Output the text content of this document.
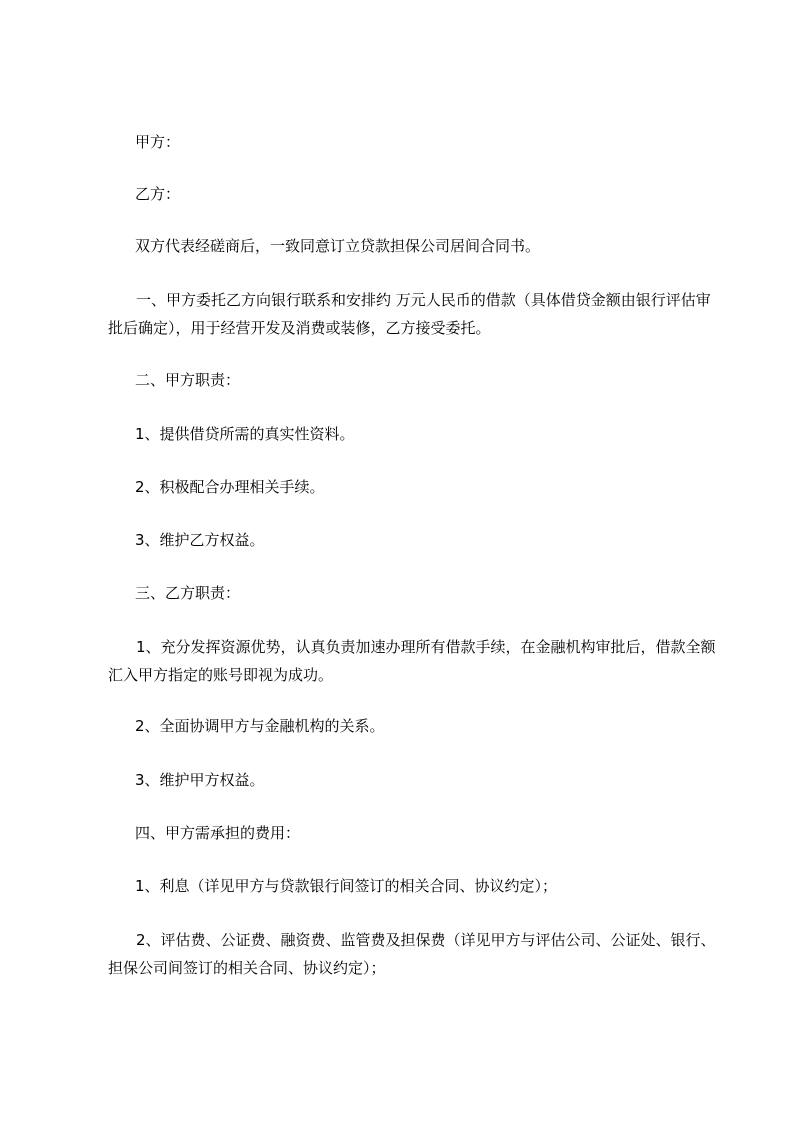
甲方：

乙方：

双方代表经磋商后，一致同意订立贷款担保公司居间合同书。

一、甲方委托乙方向银行联系和安排约 万元人民币的借款（具体借贷金额由银行评估审批后确定），用于经营开发及消费或装修，乙方接受委托。

二、甲方职责：

1、提供借贷所需的真实性资料。

2、积极配合办理相关手续。

3、维护乙方权益。

三、乙方职责：

1、充分发挥资源优势，认真负责加速办理所有借款手续，在金融机构审批后，借款全额汇入甲方指定的账号即视为成功。

2、全面协调甲方与金融机构的关系。

3、维护甲方权益。

四、甲方需承担的费用：

1、利息（详见甲方与贷款银行间签订的相关合同、协议约定）；

2、评估费、公证费、融资费、监管费及担保费（详见甲方与评估公司、公证处、银行、担保公司间签订的相关合同、协议约定）；
